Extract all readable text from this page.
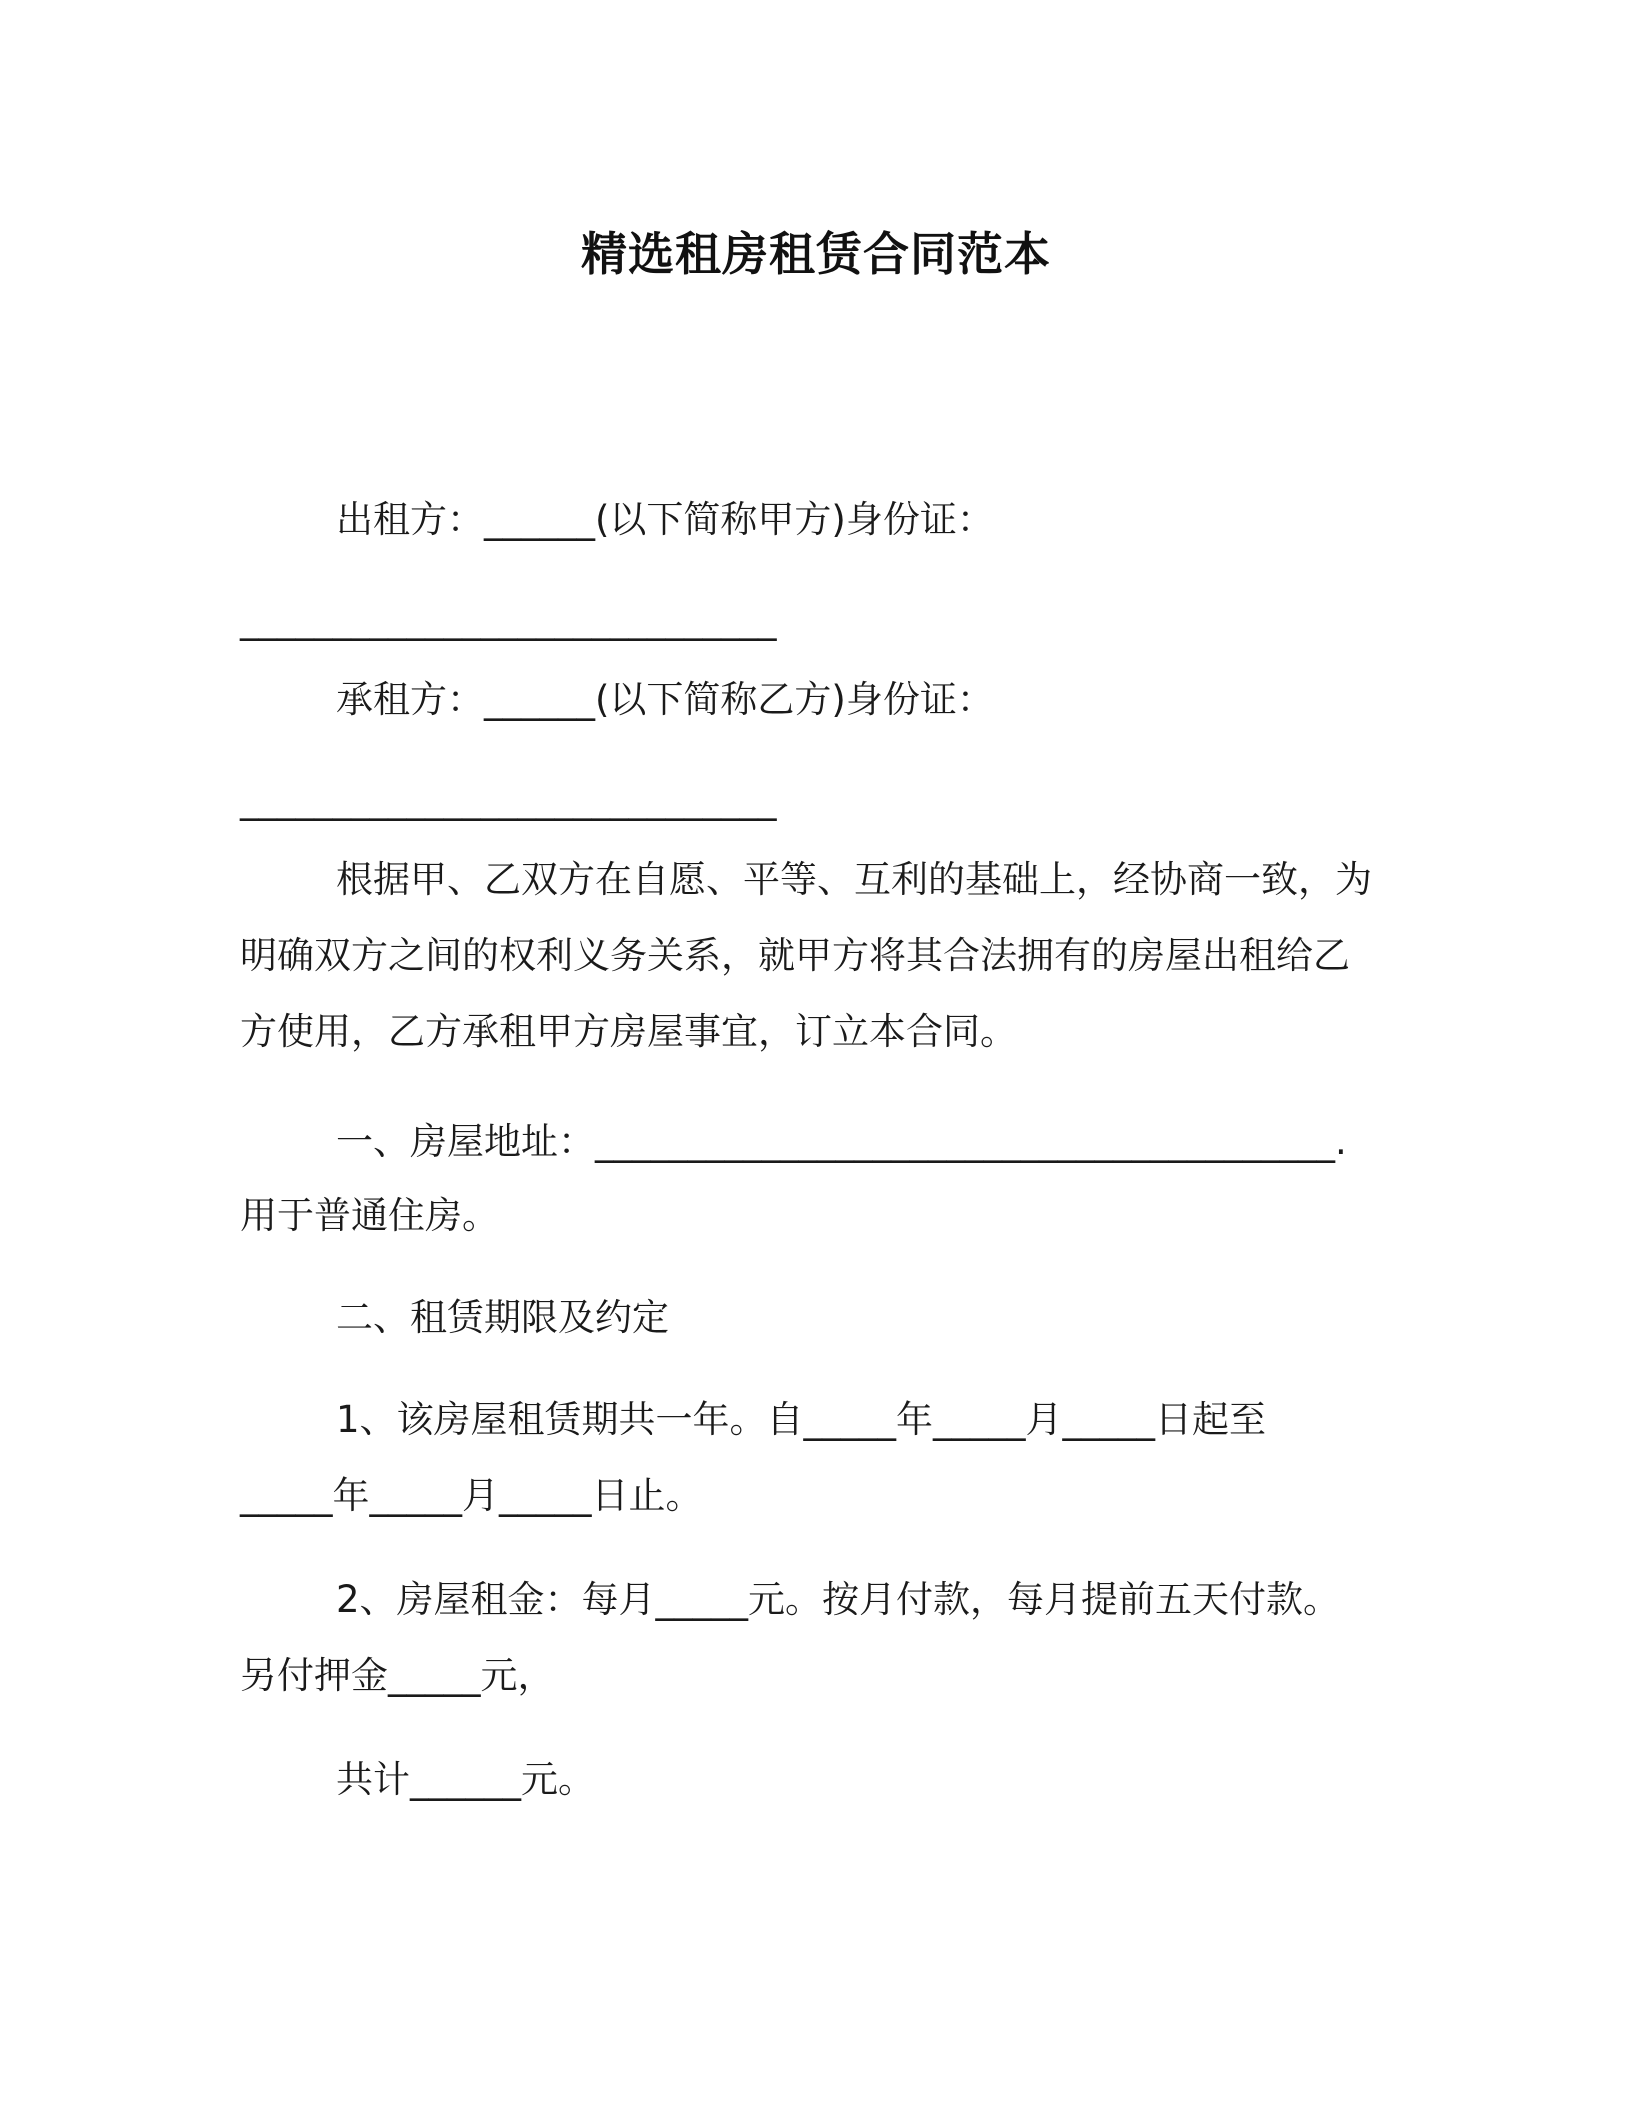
精选租房租赁合同范本
出租方：______(以下简称甲方)身份证：
_____________________________
承租方：______(以下简称乙方)身份证：
_____________________________
根据甲、乙双方在自愿、平等、互利的基础上，经协商一致，为
明确双方之间的权利义务关系，就甲方将其合法拥有的房屋出租给乙
方使用，乙方承租甲方房屋事宜，订立本合同。
一、房屋地址：________________________________________.
用于普通住房。
二、租赁期限及约定
1、该房屋租赁期共一年。自_____年_____月_____日起至
_____年_____月_____日止。
2、房屋租金：每月_____元。按月付款，每月提前五天付款。
另付押金_____元，
共计______元。
